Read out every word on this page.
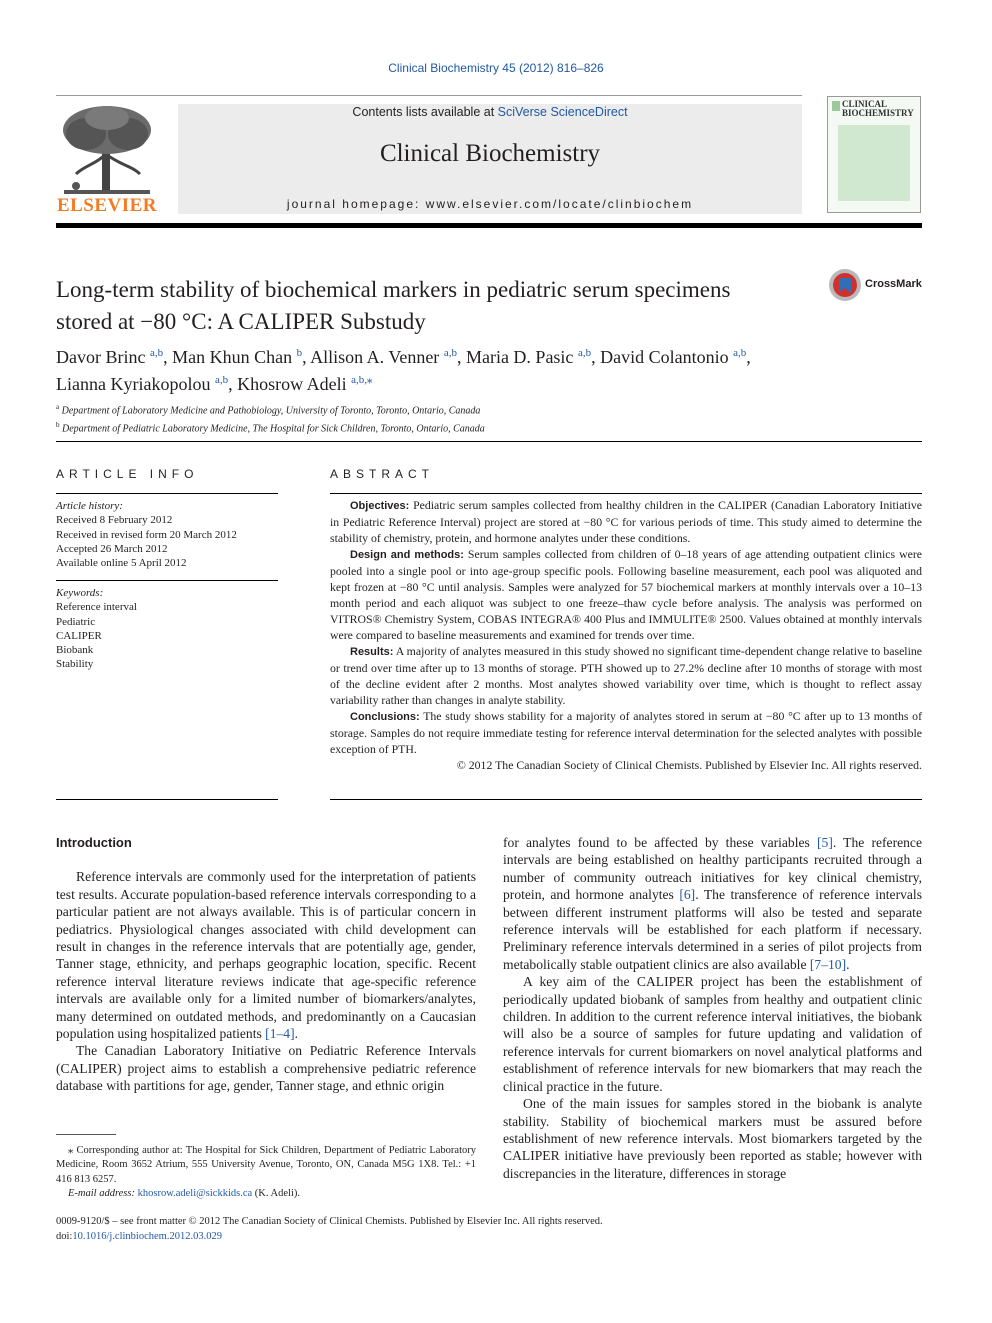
Clinical Biochemistry 45 (2012) 816–826
ELSEVIER
Contents lists available at SciVerse ScienceDirect
Clinical Biochemistry
journal homepage: www.elsevier.com/locate/clinbiochem
CLINICAL
BIOCHEMISTRY
Long-term stability of biochemical markers in pediatric serum specimens
stored at −80 °C: A CALIPER Substudy
CrossMark
Davor Brinc $^{a,b}$, Man Khun Chan $^b$, Allison A. Venner $^{a,b}$, Maria D. Pasic $^{a,b}$, David Colantonio $^{a,b}$,
Lianna Kyriakopolou $^{a,b}$, Khosrow Adeli $^{a,b,⁎}$
$^a$ Department of Laboratory Medicine and Pathobiology, University of Toronto, Toronto, Ontario, Canada
$^b$ Department of Pediatric Laboratory Medicine, The Hospital for Sick Children, Toronto, Ontario, Canada
ARTICLE INFO
Article history:
Received 8 February 2012
Received in revised form 20 March 2012
Accepted 26 March 2012
Available online 5 April 2012
Keywords:
Reference interval
Pediatric
CALIPER
Biobank
Stability
ABSTRACT

Objectives: Pediatric serum samples collected from healthy children in the CALIPER (Canadian Laboratory Initiative in Pediatric Reference Interval) project are stored at −80 °C for various periods of time. This study aimed to determine the stability of chemistry, protein, and hormone analytes under these conditions.

Design and methods: Serum samples collected from children of 0–18 years of age attending outpatient clinics were pooled into a single pool or into age-group specific pools. Following baseline measurement, each pool was aliquoted and kept frozen at −80 °C until analysis. Samples were analyzed for 57 biochemical markers at monthly intervals over a 10–13 month period and each aliquot was subject to one freeze–thaw cycle before analysis. The analysis was performed on VITROS® Chemistry System, COBAS INTEGRA® 400 Plus and IMMULITE® 2500. Values obtained at monthly intervals were compared to baseline measurements and examined for trends over time.

Results: A majority of analytes measured in this study showed no significant time-dependent change relative to baseline or trend over time after up to 13 months of storage. PTH showed up to 27.2% decline after 10 months of storage with most of the decline evident after 2 months. Most analytes showed variability over time, which is thought to reflect assay variability rather than changes in analyte stability.

Conclusions: The study shows stability for a majority of analytes stored in serum at −80 °C after up to 13 months of storage. Samples do not require immediate testing for reference interval determination for the selected analytes with possible exception of PTH.

© 2012 The Canadian Society of Clinical Chemists. Published by Elsevier Inc. All rights reserved.

Introduction

Reference intervals are commonly used for the interpretation of patients test results. Accurate population-based reference intervals corresponding to a particular patient are not always available. This is of particular concern in pediatrics. Physiological changes associated with child development can result in changes in the reference intervals that are potentially age, gender, Tanner stage, ethnicity, and perhaps geographic location, specific. Recent reference interval literature reviews indicate that age-specific reference intervals are available only for a limited number of biomarkers/analytes, many determined on outdated methods, and predominantly on a Caucasian population using hospitalized patients [1–4].

The Canadian Laboratory Initiative on Pediatric Reference Intervals (CALIPER) project aims to establish a comprehensive pediatric reference database with partitions for age, gender, Tanner stage, and ethnic origin

for analytes found to be affected by these variables [5]. The reference intervals are being established on healthy participants recruited through a number of community outreach initiatives for key clinical chemistry, protein, and hormone analytes [6]. The transference of reference intervals between different instrument platforms will also be tested and separate reference intervals will be established for each platform if necessary. Preliminary reference intervals determined in a series of pilot projects from metabolically stable outpatient clinics are also available [7–10].

A key aim of the CALIPER project has been the establishment of periodically updated biobank of samples from healthy and outpatient clinic children. In addition to the current reference interval initiatives, the biobank will also be a source of samples for future updating and validation of reference intervals for current biomarkers on novel analytical platforms and establishment of reference intervals for new biomarkers that may reach the clinical practice in the future.

One of the main issues for samples stored in the biobank is analyte stability. Stability of biochemical markers must be assured before establishment of new reference intervals. Most biomarkers targeted by the CALIPER initiative have previously been reported as stable; however with discrepancies in the literature, differences in storage

⁎ Corresponding author at: The Hospital for Sick Children, Department of Pediatric Laboratory Medicine, Room 3652 Atrium, 555 University Avenue, Toronto, ON, Canada M5G 1X8. Tel.: +1 416 813 6257.

E-mail address: khosrow.adeli@sickkids.ca (K. Adeli).

0009-9120/$ – see front matter © 2012 The Canadian Society of Clinical Chemists. Published by Elsevier Inc. All rights reserved.
doi:10.1016/j.clinbiochem.2012.03.029
